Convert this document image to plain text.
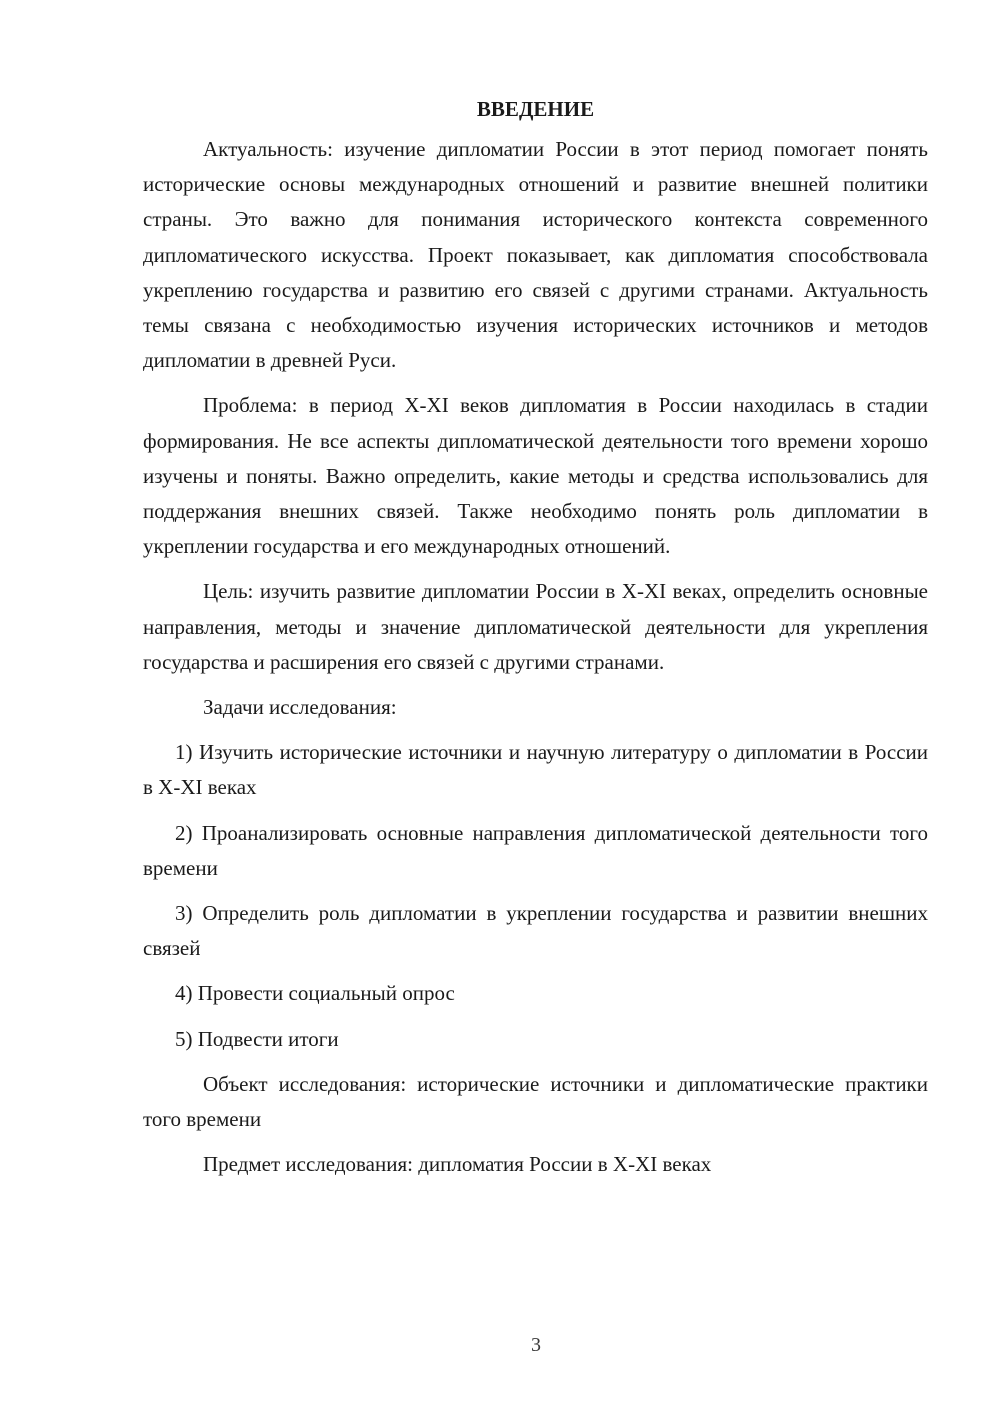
ВВЕДЕНИЕ

Актуальность: изучение дипломатии России в этот период помогает понять исторические основы международных отношений и развитие внешней политики страны. Это важно для понимания исторического контекста современного дипломатического искусства. Проект показывает, как дипломатия способствовала укреплению государства и развитию его связей с другими странами. Актуальность темы связана с необходимостью изучения исторических источников и методов дипломатии в древней Руси.

Проблема: в период X-XI веков дипломатия в России находилась в стадии формирования. Не все аспекты дипломатической деятельности того времени хорошо изучены и поняты. Важно определить, какие методы и средства использовались для поддержания внешних связей. Также необходимо понять роль дипломатии в укреплении государства и его международных отношений.

Цель: изучить развитие дипломатии России в X-XI веках, определить основные направления, методы и значение дипломатической деятельности для укрепления государства и расширения его связей с другими странами.

Задачи исследования:

1) Изучить исторические источники и научную литературу о дипломатии в России в X-XI веках

2) Проанализировать основные направления дипломатической деятельности того времени

3) Определить роль дипломатии в укреплении государства и развитии внешних связей

4) Провести социальный опрос

5) Подвести итоги

Объект исследования: исторические источники и дипломатические практики того времени

Предмет исследования: дипломатия России в X-XI веках

3
